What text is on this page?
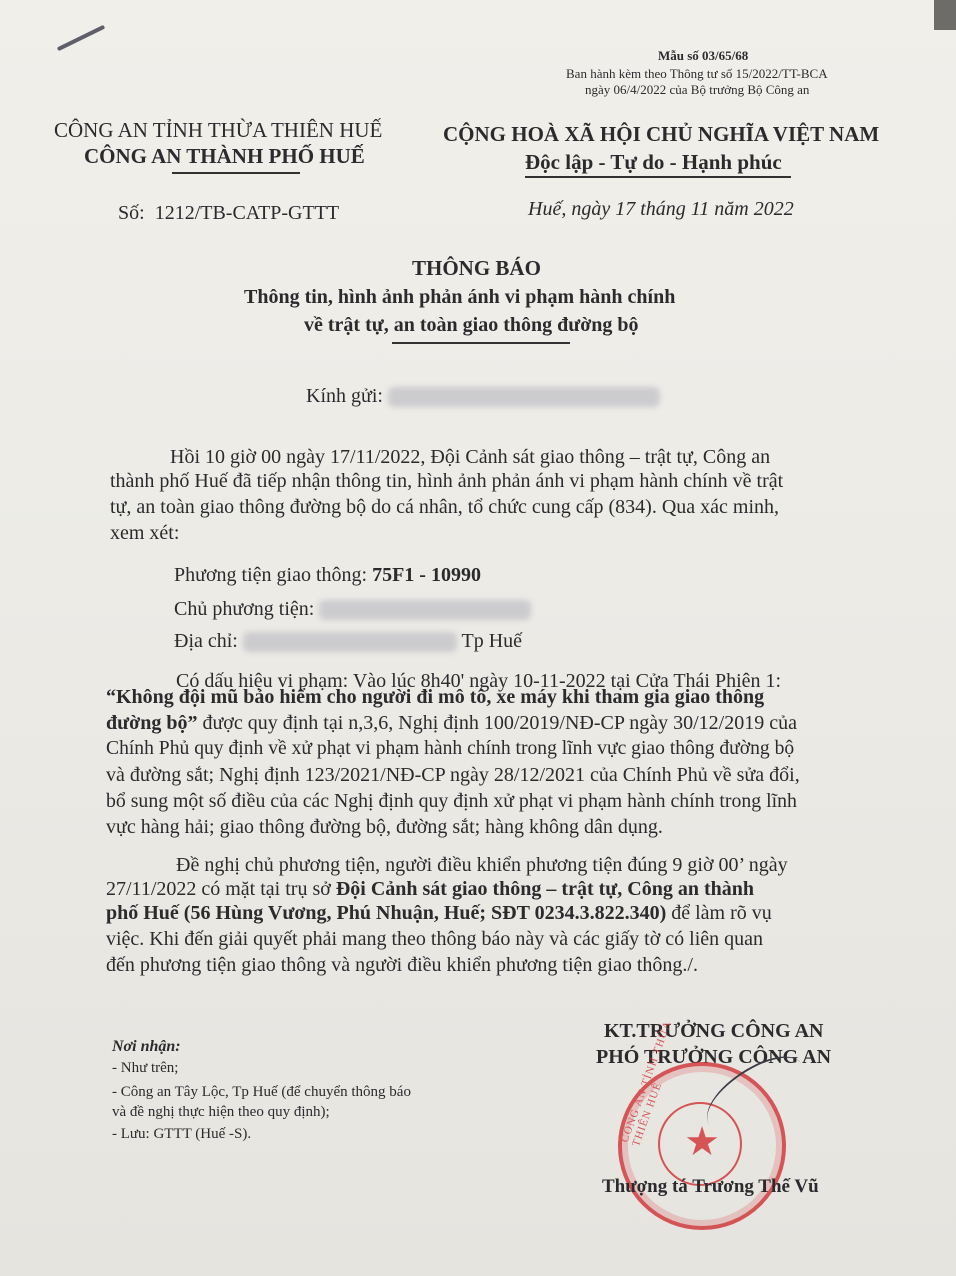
Mẫu số 03/65/68
Ban hành kèm theo Thông tư số 15/2022/TT-BCA
ngày 06/4/2022 của Bộ trưởng Bộ Công an
CÔNG AN TỈNH THỪA THIÊN HUẾ
CÔNG AN THÀNH PHỐ HUẾ
Số: 1212/TB-CATP-GTTT
CỘNG HOÀ XÃ HỘI CHỦ NGHĨA VIỆT NAM
Độc lập - Tự do - Hạnh phúc
Huế, ngày 17 tháng 11 năm 2022
THÔNG BÁO
Thông tin, hình ảnh phản ánh vi phạm hành chính
về trật tự, an toàn giao thông đường bộ
Kính gửi:
Hồi 10 giờ 00 ngày 17/11/2022, Đội Cảnh sát giao thông – trật tự, Công an
thành phố Huế đã tiếp nhận thông tin, hình ảnh phản ánh vi phạm hành chính về trật
tự, an toàn giao thông đường bộ do cá nhân, tổ chức cung cấp (834). Qua xác minh,
xem xét:
Phương tiện giao thông: 75F1 - 10990
Chủ phương tiện:
Địa chỉ:	Tp Huế
Có dấu hiệu vi phạm: Vào lúc 8h40' ngày 10-11-2022 tại Cửa Thái Phiên 1:
“Không đội mũ bảo hiểm cho người đi mô tô, xe máy khi tham gia giao thông
đường bộ” được quy định tại n,3,6, Nghị định 100/2019/NĐ-CP ngày 30/12/2019 của
Chính Phủ quy định về xử phạt vi phạm hành chính trong lĩnh vực giao thông đường bộ
và đường sắt; Nghị định 123/2021/NĐ-CP ngày 28/12/2021 của Chính Phủ về sửa đổi,
bổ sung một số điều của các Nghị định quy định xử phạt vi phạm hành chính trong lĩnh
vực hàng hải; giao thông đường bộ, đường sắt; hàng không dân dụng.
Đề nghị chủ phương tiện, người điều khiển phương tiện đúng 9 giờ 00’ ngày
27/11/2022 có mặt tại trụ sở Đội Cảnh sát giao thông – trật tự, Công an thành
phố Huế (56 Hùng Vương, Phú Nhuận, Huế; SĐT 0234.3.822.340) để làm rõ vụ
việc. Khi đến giải quyết phải mang theo thông báo này và các giấy tờ có liên quan
đến phương tiện giao thông và người điều khiển phương tiện giao thông./.
Nơi nhận:
- Như trên;
- Công an Tây Lộc, Tp Huế (để chuyển thông báo
và đề nghị thực hiện theo quy định);
- Lưu: GTTT (Huế -S).
KT.TRƯỞNG CÔNG AN
PHÓ TRƯỞNG CÔNG AN
CÔNG AN TỈNH THỪA THIÊN HUẾ ★
Thượng tá Trương Thế Vũ
